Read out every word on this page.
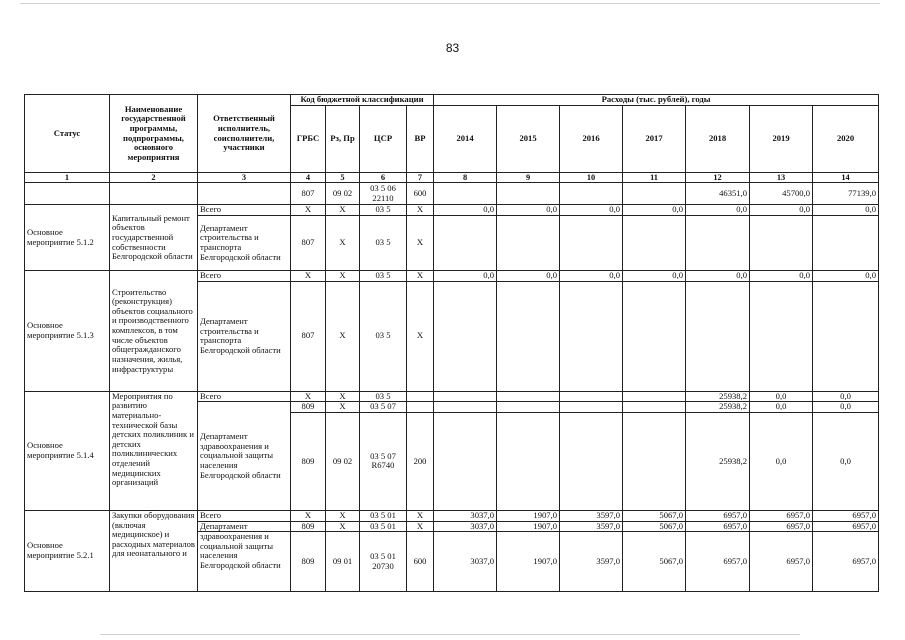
83
Статус	Наименование государственной программы, подпрограммы, основного мероприятия	Ответственный исполнитель, соисполнители, участники	Код бюджетной классификации				Расходы (тыс. рублей), годы						
			ГРБС	Рз, Пр	ЦСР	ВР	2014	2015	2016	2017	2018	2019	2020
1	2	3	4	5	6	7	8	9	10	11	12	13	14
			807	09 02	03 5 06 22110	600					46351,0	45700,0	77139,0
Основное мероприятие 5.1.2	Капитальный ремонт объектов государственной собственности Белгородской области	Всего	Х	Х	03 5	Х	0,0	0,0	0,0	0,0	0,0	0,0	0,0
		Департамент строительства и транспорта Белгородской области	807	Х	03 5	Х							
Основное мероприятие 5.1.3	Строительство (реконструкция) объектов социального и производственного комплексов, в том числе объектов общегражданского назначения, жилья, инфраструктуры	Всего	Х	Х	03 5	Х	0,0	0,0	0,0	0,0	0,0	0,0	0,0
		Департамент строительства и транспорта Белгородской области	807	Х	03 5	Х							
Основное мероприятие 5.1.4	Мероприятия по развитию материально-технической базы детских поликлиник и детских поликлинических отделений медицинских организаций	Всего	Х	Х	03 5						25938,2	0,0	0,0
		Департамент здравоохранения и социальной защиты населения Белгородской области	809	Х	03 5 07						25938,2	0,0	0,0
			809	09 02	03 5 07 R6740	200					25938,2	0,0	0,0
Основное мероприятие 5.2.1	Закупки оборудования (включая медицинское) и расходных материалов для неонатального и	Всего	Х	Х	03 5 01	Х	3037,0	1907,0	3597,0	5067,0	6957,0	6957,0	6957,0
		Департамент	809	Х	03 5 01	Х	3037,0	1907,0	3597,0	5067,0	6957,0	6957,0	6957,0
		здравоохранения и социальной защиты населения Белгородской области	809	09 01	03 5 01 20730	600	3037,0	1907,0	3597,0	5067,0	6957,0	6957,0	6957,0
